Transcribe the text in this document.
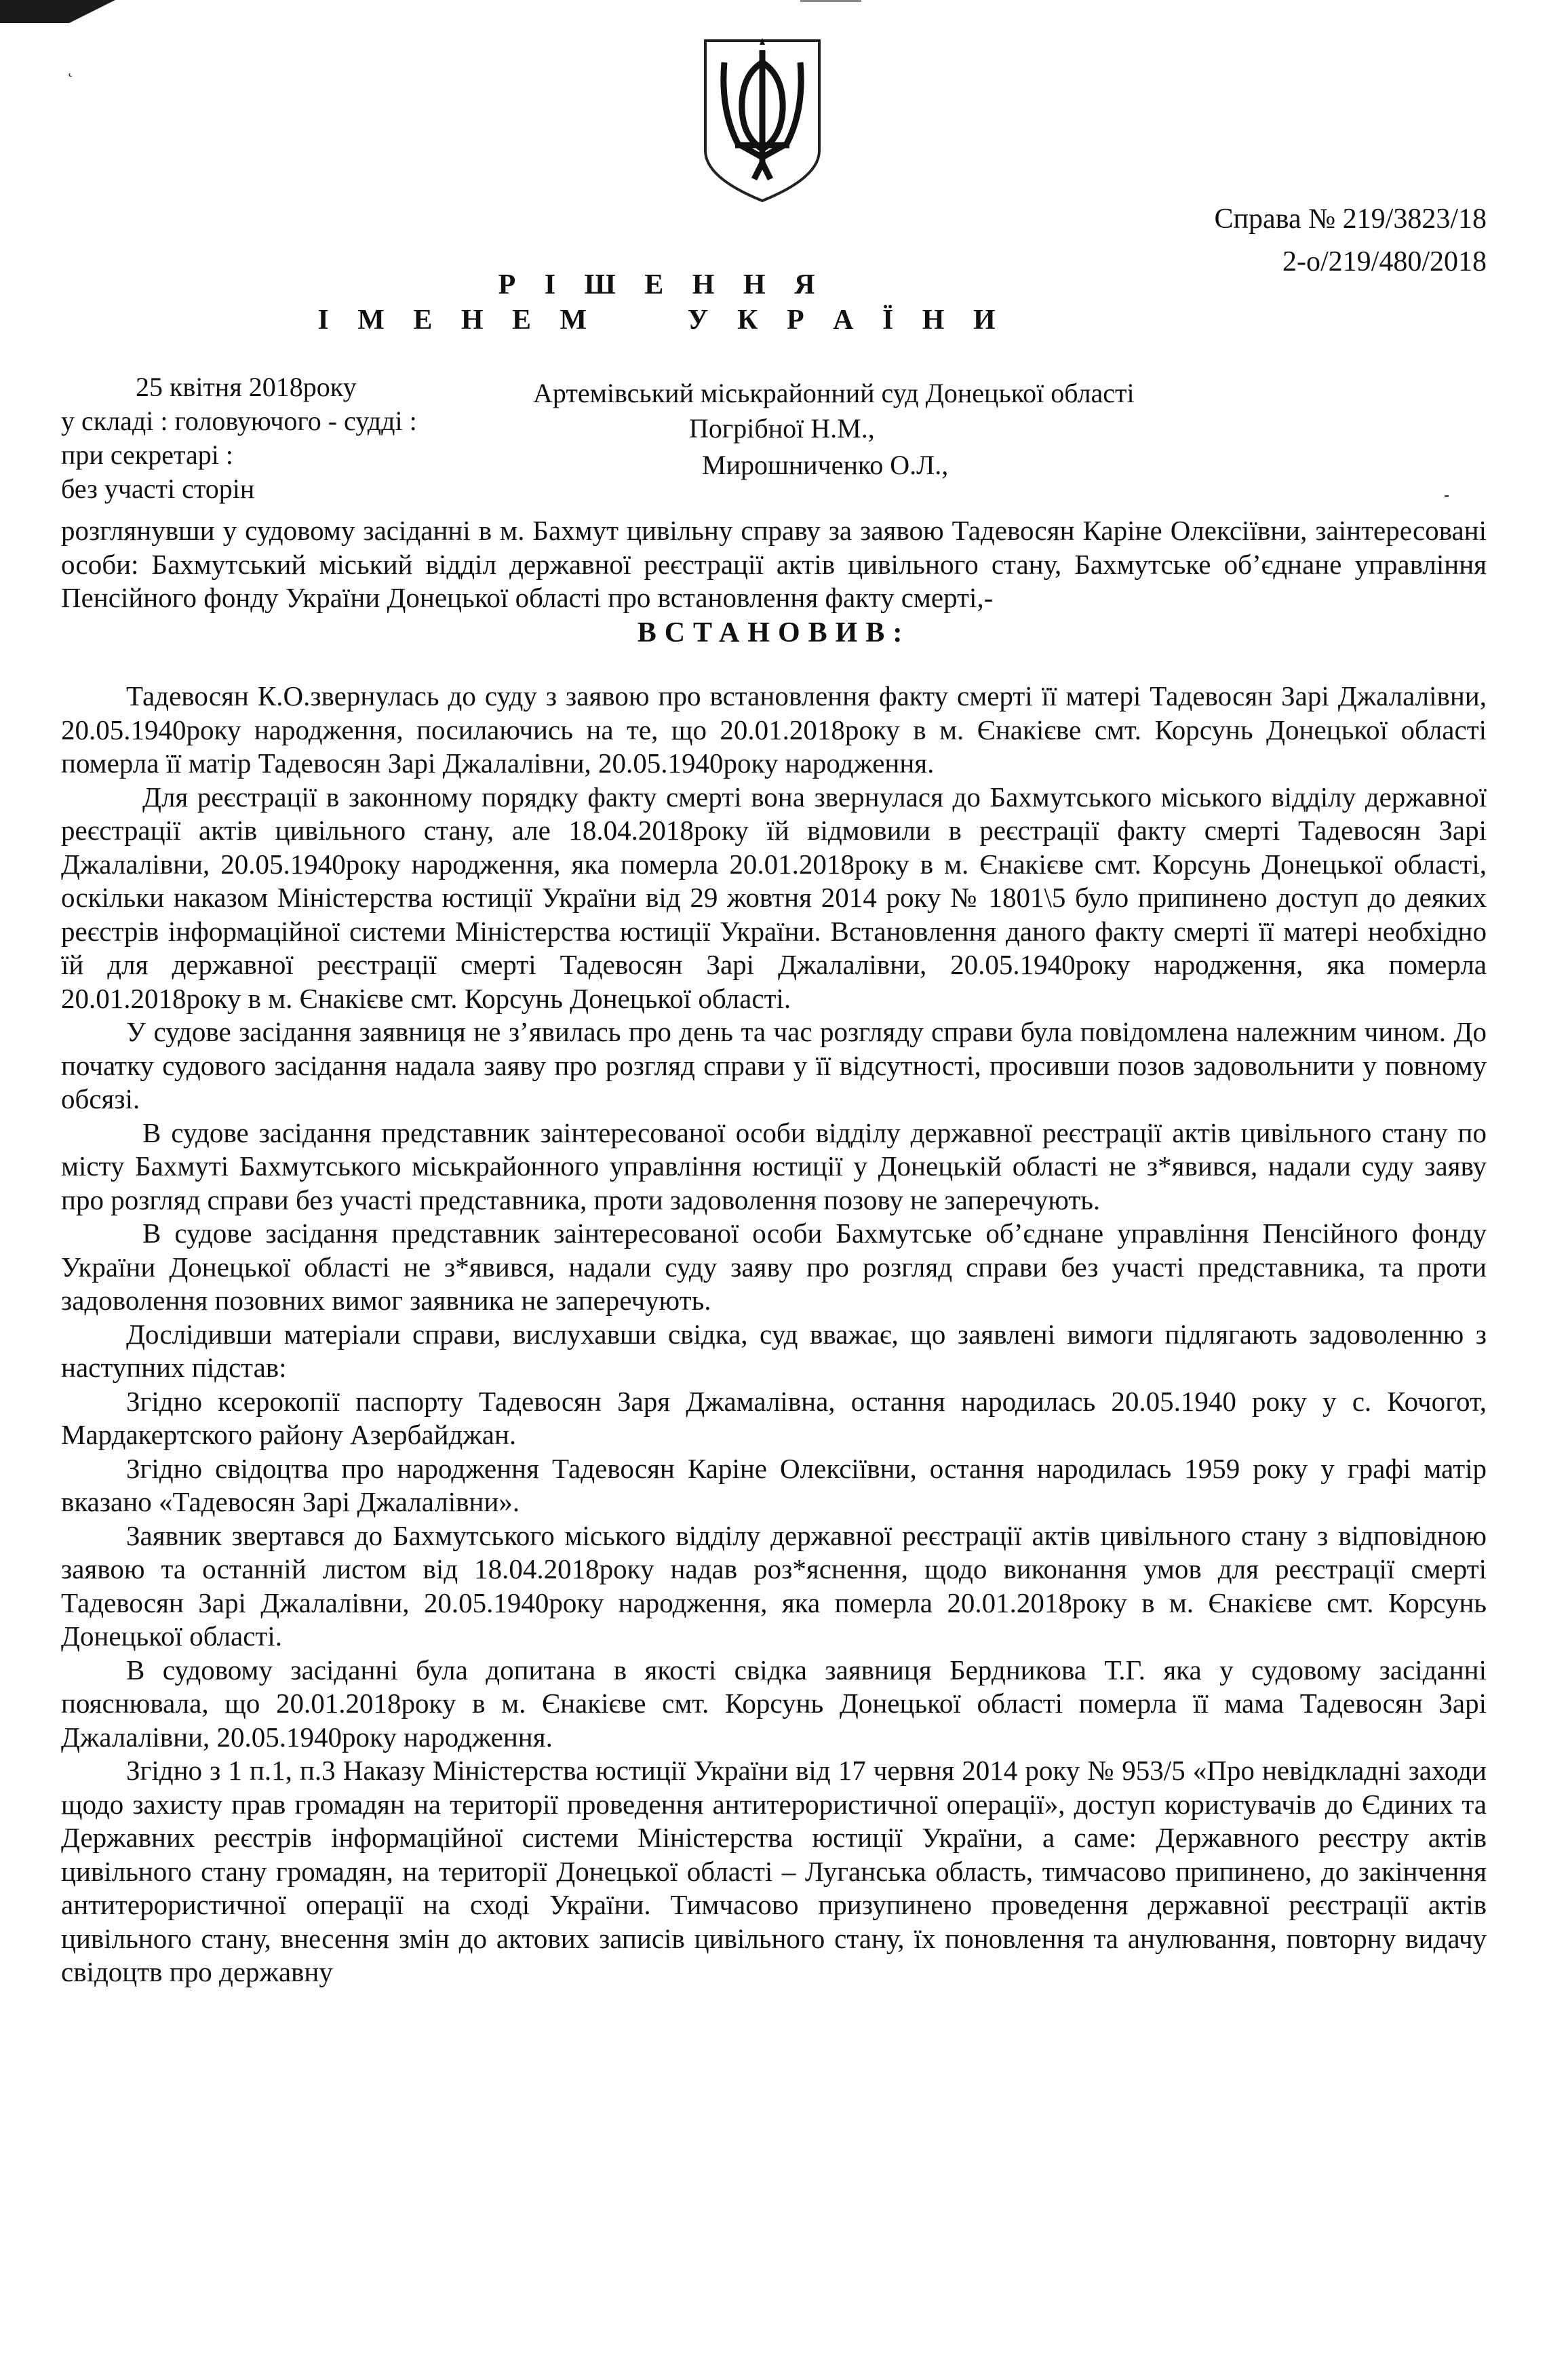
˛
Справа № 219/3823/18
2-о/219/480/2018
Р І Ш Е Н Н Я
І М Е Н Е М     У К Р А Ї Н И
25 квітня 2018року
у складі : головуючого - судді :
при секретарі :
без участі сторін
Артемівський міськрайонний суд Донецької області
Погрібної Н.М.,
Мирошниченко О.Л.,

розглянувши у судовому засіданні в м. Бахмут цивільну справу за заявою Тадевосян Каріне Олексіївни, заінтересовані особи: Бахмутський міський відділ державної реєстрації актів цивільного стану, Бахмутське об’єднане управління Пенсійного фонду України Донецької області про встановлення факту смерті,-

ВСТАНОВИВ:

Тадевосян К.О.звернулась до суду з заявою про встановлення факту смерті її матері Тадевосян Зарі Джалалівни, 20.05.1940року народження, посилаючись на те, що 20.01.2018року в м. Єнакієве смт. Корсунь Донецької області померла її матір Тадевосян Зарі Джалалівни, 20.05.1940року народження.

Для реєстрації в законному порядку факту смерті вона звернулася до Бахмутського міського відділу державної реєстрації актів цивільного стану, але 18.04.2018року їй відмовили в реєстрації факту смерті Тадевосян Зарі Джалалівни, 20.05.1940року народження, яка померла 20.01.2018року в м. Єнакієве смт. Корсунь Донецької області, оскільки наказом Міністерства юстиції України від 29 жовтня 2014 року № 1801\5 було припинено доступ до деяких реєстрів інформаційної системи Міністерства юстиції України. Встановлення даного факту смерті її матері необхідно їй для державної реєстрації смерті Тадевосян Зарі Джалалівни, 20.05.1940року народження, яка померла 20.01.2018року в м. Єнакієве смт. Корсунь Донецької області.

У судове засідання заявниця не з’явилась про день та час розгляду справи була повідомлена належним чином. До початку судового засідання надала заяву про розгляд справи у її відсутності, просивши позов задовольнити у повному обсязі.

В судове засідання представник заінтересованої особи відділу державної реєстрації актів цивільного стану по місту Бахмуті Бахмутського міськрайонного управління юстиції у Донецькій області не з*явився, надали суду заяву про розгляд справи без участі представника, проти задоволення позову не заперечують.

В судове засідання представник заінтересованої особи Бахмутське об’єднане управління Пенсійного фонду України Донецької області не з*явився, надали суду заяву про розгляд справи без участі представника, та проти задоволення позовних вимог заявника не заперечують.

Дослідивши матеріали справи, вислухавши свідка, суд вважає, що заявлені вимоги підлягають задоволенню з наступних підстав:

Згідно ксерокопії паспорту Тадевосян Заря Джамалівна, остання народилась 20.05.1940 року у с. Кочогот, Мардакертского району Азербайджан.

Згідно свідоцтва про народження Тадевосян Каріне Олексіївни, остання народилась 1959 року у графі матір вказано «Тадевосян Зарі Джалалівни».

Заявник звертався до Бахмутського міського відділу державної реєстрації актів цивільного стану з відповідною заявою та останній листом від 18.04.2018року надав роз*яснення, щодо виконання умов для реєстрації смерті Тадевосян Зарі Джалалівни, 20.05.1940року народження, яка померла 20.01.2018року в м. Єнакієве смт. Корсунь Донецької області.

В судовому засіданні була допитана в якості свідка заявниця Бердникова Т.Г. яка у судовому засіданні пояснювала, що 20.01.2018року в м. Єнакієве смт. Корсунь Донецької області померла її мама Тадевосян Зарі Джалалівни, 20.05.1940року народження.

Згідно з 1 п.1, п.3 Наказу Міністерства юстиції України від 17 червня 2014 року № 953/5 «Про невідкладні заходи щодо захисту прав громадян на території проведення антитерористичної операції», доступ користувачів до Єдиних та Державних реєстрів інформаційної системи Міністерства юстиції України, а саме: Державного реєстру актів цивільного стану громадян, на території Донецької області – Луганська область, тимчасово припинено, до закінчення антитерористичної операції на сході України. Тимчасово призупинено проведення державної реєстрації актів цивільного стану, внесення змін до актових записів цивільного стану, їх поновлення та анулювання, повторну видачу свідоцтв про державну
